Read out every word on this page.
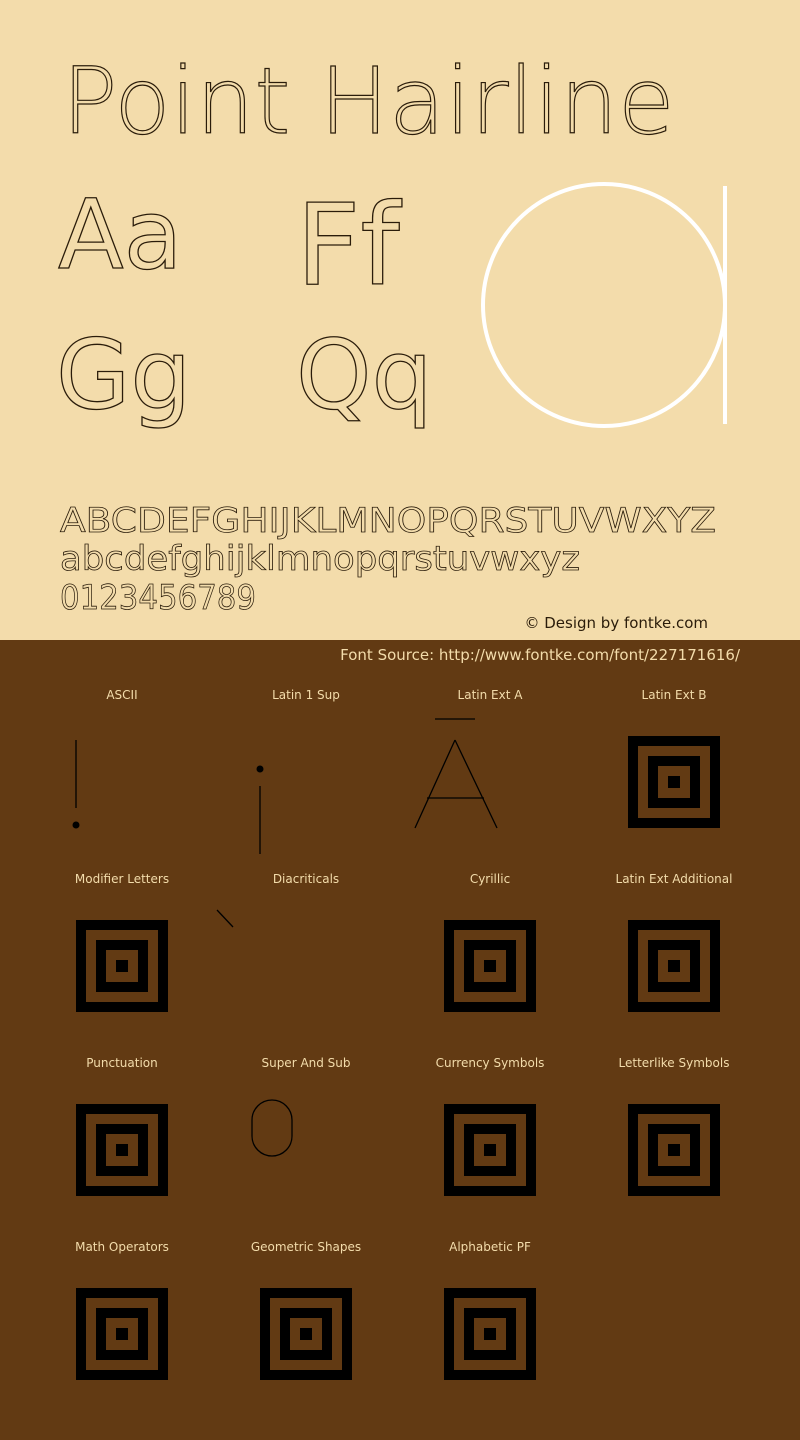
Point Hairline
Aa Ff
Gg Qq
ABCDEFGHIJKLMNOPQRSTUVWXYZ
abcdefghijklmnopqrstuvwxyz
0123456789
© Design by fontke.com
Font Source: http://www.fontke.com/font/227171616/
ASCII	Latin 1 Sup	Latin Ext A	Latin Ext B
Modifier Letters	Diacriticals	Cyrillic	Latin Ext Additional
Punctuation	Super And Sub	Currency Symbols	Letterlike Symbols
Math Operators	Geometric Shapes	Alphabetic PF
